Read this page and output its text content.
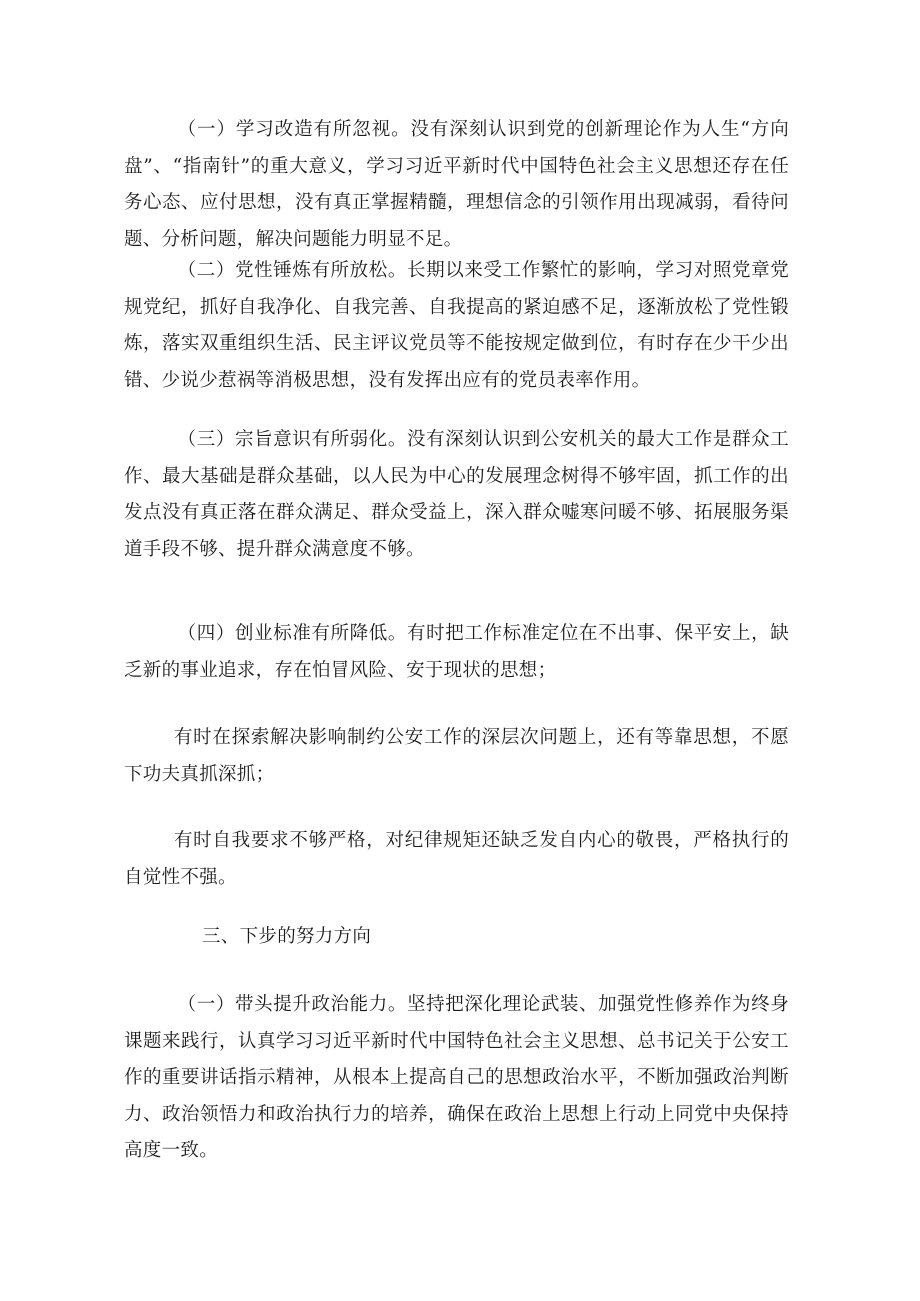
（一）学习改造有所忽视。没有深刻认识到党的创新理论作为人生“方向盘”、“指南针”的重大意义，学习习近平新时代中国特色社会主义思想还存在任务心态、应付思想，没有真正掌握精髓，理想信念的引领作用出现减弱，看待问题、分析问题，解决问题能力明显不足。

（二）党性锤炼有所放松。长期以来受工作繁忙的影响，学习对照党章党规党纪，抓好自我净化、自我完善、自我提高的紧迫感不足，逐渐放松了党性锻炼，落实双重组织生活、民主评议党员等不能按规定做到位，有时存在少干少出错、少说少惹祸等消极思想，没有发挥出应有的党员表率作用。

（三）宗旨意识有所弱化。没有深刻认识到公安机关的最大工作是群众工作、最大基础是群众基础，以人民为中心的发展理念树得不够牢固，抓工作的出发点没有真正落在群众满足、群众受益上，深入群众嘘寒问暖不够、拓展服务渠道手段不够、提升群众满意度不够。

（四）创业标准有所降低。有时把工作标准定位在不出事、保平安上，缺乏新的事业追求，存在怕冒风险、安于现状的思想；

有时在探索解决影响制约公安工作的深层次问题上，还有等靠思想，不愿下功夫真抓深抓；

有时自我要求不够严格，对纪律规矩还缺乏发自内心的敬畏，严格执行的自觉性不强。

三、下步的努力方向

（一）带头提升政治能力。坚持把深化理论武装、加强党性修养作为终身课题来践行，认真学习习近平新时代中国特色社会主义思想、总书记关于公安工作的重要讲话指示精神，从根本上提高自己的思想政治水平，不断加强政治判断力、政治领悟力和政治执行力的培养，确保在政治上思想上行动上同党中央保持高度一致。
